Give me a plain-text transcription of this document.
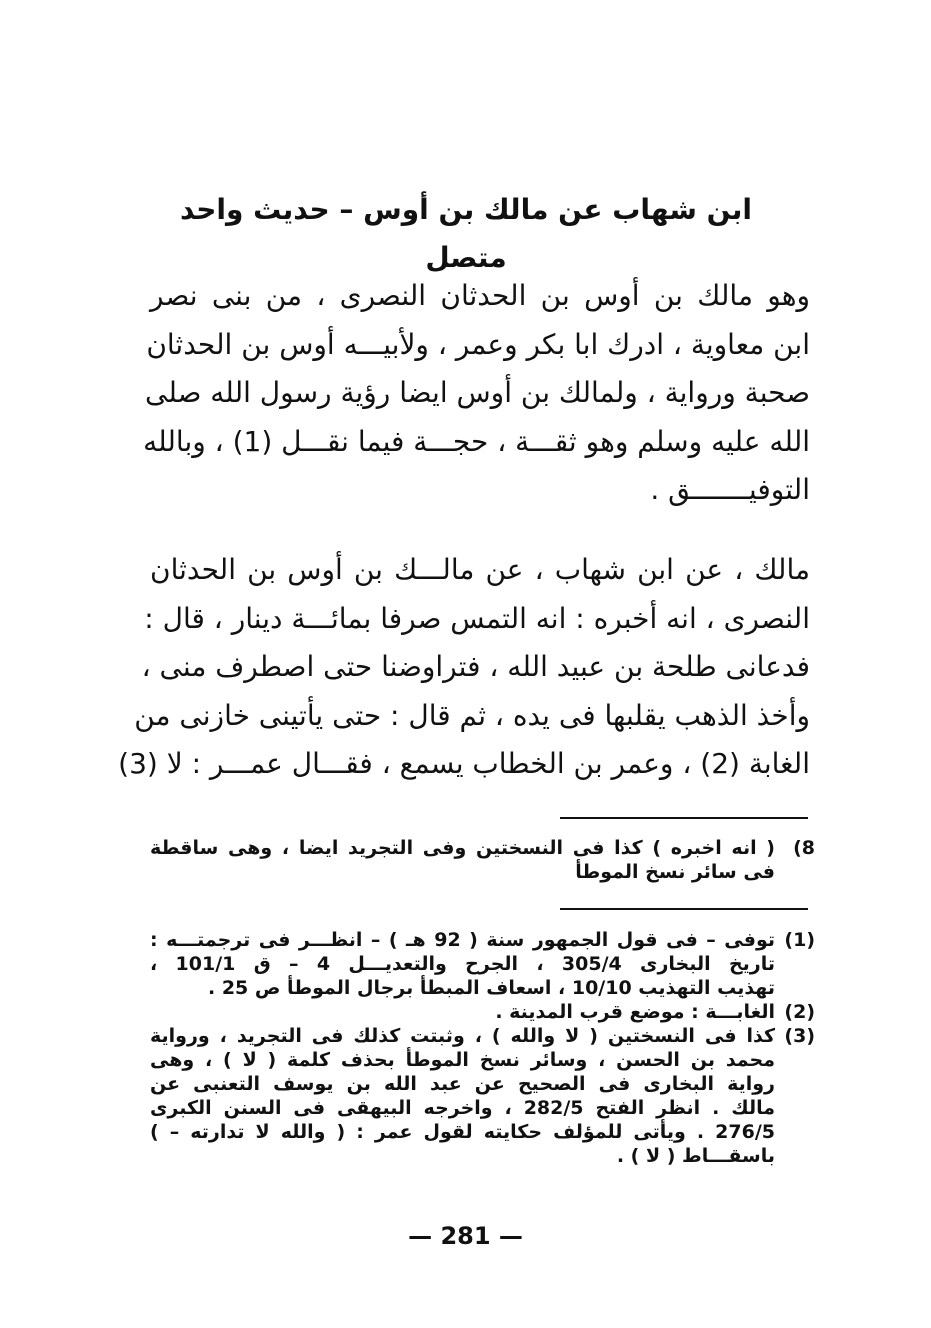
ابن شهاب عن مالك بن أوس – حديث واحد متصل
وهو مالك بن أوس بن الحدثان النصرى ، من بنى نصر
ابن معاوية ، ادرك ابا بكر وعمر ، ولأبيـــه أوس بن الحدثان
صحبة ورواية ، ولمالك بن أوس ايضا رؤية رسول الله صلى
الله عليه وسلم وهو ثقـــة ، حجـــة فيما نقـــل (1) ، وبالله
التوفيـــــــق .
مالك ، عن ابن شهاب ، عن مالـــك بن أوس بن الحدثان
النصرى ، انه أخبره : انه التمس صرفا بمائـــة دينار ، قال :
فدعانى طلحة بن عبيد الله ، فتراوضنا حتى اصطرف منى ،
وأخذ الذهب يقلبها فى يده ، ثم قال : حتى يأتينى خازنى من
الغابة (2) ، وعمر بن الخطاب يسمع ، فقـــال عمـــر : لا (3)
8)
( انه اخبره ) كذا فى النسختين وفى التجريد ايضا ، وهى ساقطة
فى سائر نسخ الموطأ
(1)
توفى – فى قول الجمهور سنة ( 92 هـ ) – انظـــر فى ترجمتـــه :
تاريخ البخارى 305/4 ، الجرح والتعديـــل 4 – ق 101/1 ،
تهذيب التهذيب 10/10 ، اسعاف المبطأ برجال الموطأ ص 25 .
(2)
الغابـــة : موضع قرب المدينة .
(3)
كذا فى النسختين ( لا والله ) ، وثبتت كذلك فى التجريد ، ورواية
محمد بن الحسن ، وسائر نسخ الموطأ بحذف كلمة ( لا ) ، وهى
رواية البخارى فى الصحيح عن عبد الله بن يوسف التعنبى عن
مالك . انظر الفتح 282/5 ، واخرجه البيهقى فى السنن الكبرى
276/5 . ويأتى للمؤلف حكايته لقول عمر : ( والله لا تدارته – )
باسقـــاط ( لا ) .
— 281 —
